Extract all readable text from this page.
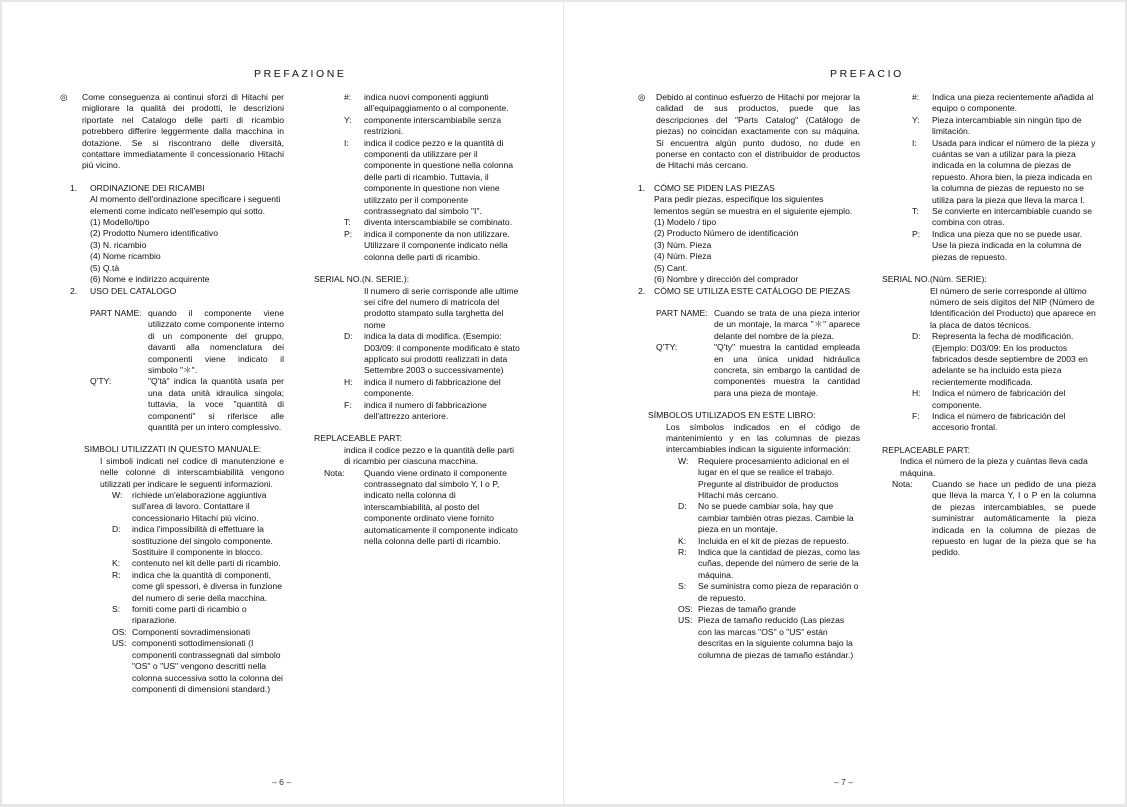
PREFAZIONE
◎	Come conseguenza ai continui sforzi di Hitachi per migliorare la qualità dei prodotti, le descrizioni riportate nel Catalogo delle parti di ricambio potrebbero differire leggermente dalla macchina in dotazione. Se si riscontrano delle diversità, contattare immediatamente il concessionario Hitachi più vicino.

1.	ORDINAZIONE DEI RICAMBI

Al momento dell'ordinazione specificare i seguenti elementi come indicato nell'esempio qui sotto.

(1) Modello/tipo

(2) Prodotto Numero identificativo

(3) N. ricambio

(4) Nome ricambio

(5) Q.tà

(6) Nome e indirizzo acquirente

2.	USO DEL CATALOGO
PART NAME: quando il componente viene utilizzato come componente interno di un componente del gruppo, davanti alla nomenclatura dei componenti viene indicato il simbolo "＊".

Q'TY:	"Q'tà" indica la quantità usata per una data unità idraulica singola; tuttavia, la voce "quantità di componenti" si riferisce alle quantità per un intero complessivo.

SIMBOLI UTILIZZATI IN QUESTO MANUALE:

I simboli indicati nel codice di manutenzione e nelle colonne di interscambiabilità vengono utilizzati per indicare le seguenti informazioni.

W:	richiede un'elaborazione aggiuntiva sull'area di lavoro. Contattare il concessionario Hitachi più vicino.

D:	indica l'impossibilità di effettuare la sostituzione del singolo componente. Sostituire il componente in blocco.

K:	contenuto nel kit delle parti di ricambio.

R:	indica che la quantità di componenti, come gli spessori, è diversa in funzione del numero di serie della macchina.

S:	forniti come parti di ricambio o riparazione.

OS: Componenti sovradimensionati

US: componenti sottodimensionati (I componenti contrassegnati dal simbolo "OS" o "US" vengono descritti nella colonna successiva sotto la colonna dei componenti di dimensioni standard.)

#:	indica nuovi componenti aggiunti all'equipaggiamento o al componente.

Y:	componente interscambiabile senza restrizioni.

I:	indica il codice pezzo e la quantità di componenti da utilizzare per il componente in questione nella colonna delle parti di ricambio. Tuttavia, il componente in questione non viene utilizzato per il componente contrassegnato dal simbolo "I".

T:	diventa interscambiabile se combinato.

P:	indica il componente da non utilizzare. Utilizzare il componente indicato nella colonna delle parti di ricambio.

SERIAL NO.(N. SERIE.):

Il numero di serie corrisponde alle ultime sei cifre del numero di matricola del prodotto stampato sulla targhetta del nome

D:	indica la data di modifica. (Esempio: D03/09: il componente modificato è stato applicato sui prodotti realizzati in data Settembre 2003 o successivamente)

H:	indica il numero di fabbricazione del componente.

F:	indica il numero di fabbricazione dell'attrezzo anteriore.

REPLACEABLE PART:

indica il codice pezzo e la quantità delle parti di ricambio per ciascuna macchina.

Nota:	Quando viene ordinato il componente contrassegnato dal simbolo Y, I o P, indicato nella colonna di interscambiabilità, al posto del componente ordinato viene fornito automaticamente il componente indicato nella colonna delle parti di ricambio.

– 6 –
PREFACIO
◎	Debido al continuo esfuerzo de Hitachi por mejorar la calidad de sus productos, puede que las descripciones del "Parts Catalog" (Catálogo de piezas) no coincidan exactamente con su máquina. Si encuentra algún punto dudoso, no dude en ponerse en contacto con el distribuidor de productos de Hitachi más cercano.

1.	CÓMO SE PIDEN LAS PIEZAS

Para pedir piezas, especifique los siguientes lementos según se muestra en el siguiente ejemplo.

(1) Modelo / tipo

(2) Producto Número de identificación

(3) Núm. Pieza

(4) Núm. Pieza

(5) Cant.

(6) Nombre y dirección del comprador

2.	CÓMO SE UTILIZA ESTE CATÁLOGO DE PIEZAS
PART NAME: Cuando se trata de una pieza interior de un montaje, la marca "＊" aparece delante del nombre de la pieza.

Q'TY:	"Q'ty" muestra la cantidad empleada en una única unidad hidráulica concreta, sin embargo la cantidad de componentes muestra la cantidad para una pieza de montaje.

SÍMBOLOS UTILIZADOS EN ESTE LIBRO:

Los símbolos indicados en el código de mantenimiento y en las columnas de piezas intercambiables indican la siguiente información:

W:	Requiere procesamiento adicional en el lugar en el que se realice el trabajo. Pregunte al distribuidor de productos Hitachi más cercano.

D:	No se puede cambiar sola, hay que cambiar también otras piezas. Cambie la pieza en un montaje.

K:	Incluida en el kit de piezas de repuesto.

R:	Indica que la cantidad de piezas, como las cuñas, depende del número de serie de la máquina.

S:	Se suministra como pieza de reparación o de repuesto.

OS: Piezas de tamaño grande

US: Pieza de tamaño reducido (Las piezas con las marcas "OS" o "US" están descritas en la siguiente columna bajo la columna de piezas de tamaño estándar.)

#:	Indica una pieza recientemente añadida al equipo o componente.

Y:	Pieza intercambiable sin ningún tipo de limitación.

I:	Usada para indicar el número de la pieza y cuántas se van a utilizar para la pieza indicada en la columna de piezas de repuesto. Ahora bien, la pieza indicada en la columna de piezas de repuesto no se utiliza para la pieza que lleva la marca I.

T:	Se convierte en intercambiable cuando se combina con otras.

P:	Indica una pieza que no se puede usar. Use la pieza indicada en la columna de piezas de repuesto.

SERIAL NO.(Núm. SERIE):

El número de serie corresponde al último número de seis dígitos del NIP (Número de Identificación del Producto) que aparece en la placa de datos técnicos.

D:	Representa la fecha de modificación. (Ejemplo: D03/09: En los productos fabricados desde septiembre de 2003 en adelante se ha incluido esta pieza recientemente modificada.

H:	Indica el número de fabricación del componente.

F:	Indica el número de fabricación del accesorio frontal.

REPLACEABLE PART:

Indica el número de la pieza y cuántas lleva cada máquina.

Nota:	Cuando se hace un pedido de una pieza que lleva la marca Y, I o P en la columna de piezas intercambiables, se puede suministrar automáticamente la pieza indicada en la columna de piezas de repuesto en lugar de la pieza que se ha pedido.

– 7 –
